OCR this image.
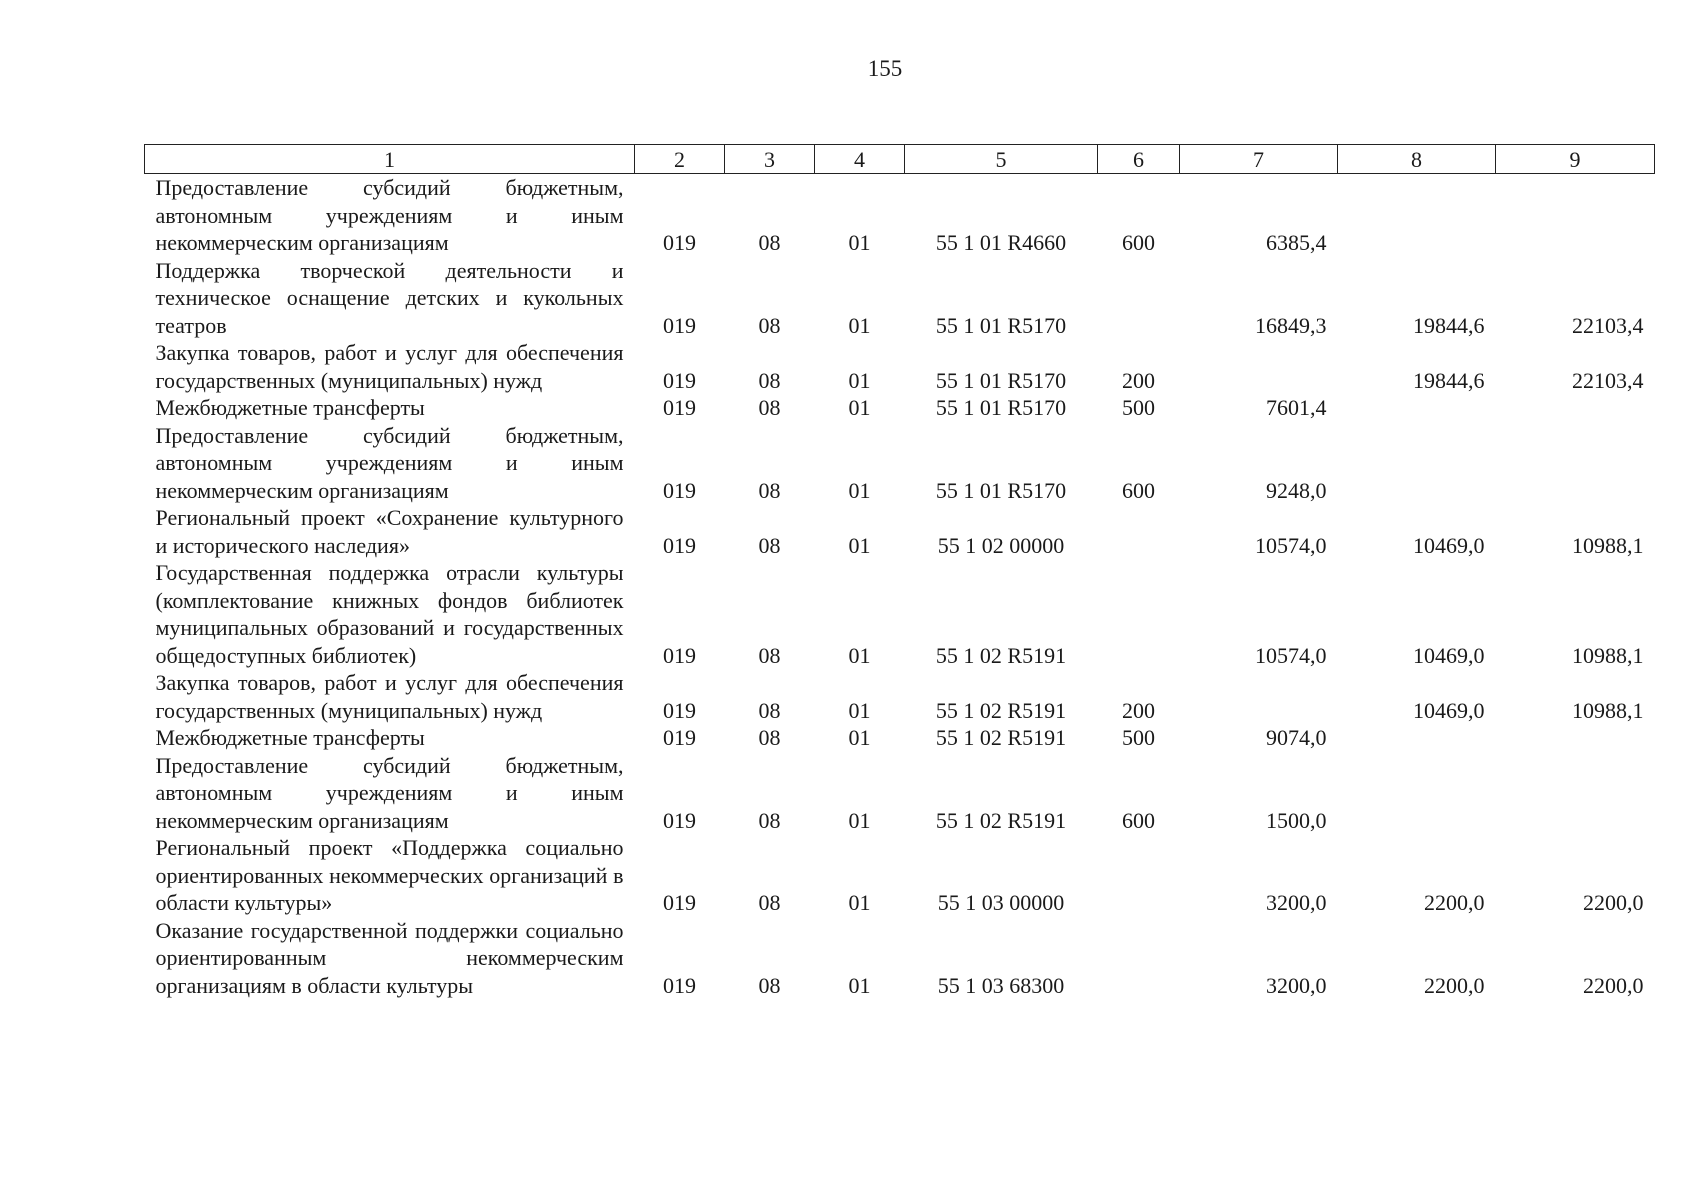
155
1	2	3	4	5	6	7	8	9
Предоставление субсидий бюджетным, автономным учреждениям и иным некоммерческим организациям	019	08	01	55 1 01 R4660	600	6385,4		
Поддержка творческой деятельности и техническое оснащение детских и кукольных театров	019	08	01	55 1 01 R5170		16849,3	19844,6	22103,4
Закупка товаров, работ и услуг для обеспечения государственных (муниципальных) нужд	019	08	01	55 1 01 R5170	200		19844,6	22103,4
Межбюджетные трансферты	019	08	01	55 1 01 R5170	500	7601,4		
Предоставление субсидий бюджетным, автономным учреждениям и иным некоммерческим организациям	019	08	01	55 1 01 R5170	600	9248,0		
Региональный проект «Сохранение культурного и исторического наследия»	019	08	01	55 1 02 00000		10574,0	10469,0	10988,1
Государственная поддержка отрасли культуры (комплектование книжных фондов библиотек муниципальных образований и государственных общедоступных библиотек)	019	08	01	55 1 02 R5191		10574,0	10469,0	10988,1
Закупка товаров, работ и услуг для обеспечения государственных (муниципальных) нужд	019	08	01	55 1 02 R5191	200		10469,0	10988,1
Межбюджетные трансферты	019	08	01	55 1 02 R5191	500	9074,0		
Предоставление субсидий бюджетным, автономным учреждениям и иным некоммерческим организациям	019	08	01	55 1 02 R5191	600	1500,0		
Региональный проект «Поддержка социально ориентированных некоммерческих организаций в области культуры»	019	08	01	55 1 03 00000		3200,0	2200,0	2200,0
Оказание государственной поддержки социально ориентированным некоммерческим организациям в области культуры	019	08	01	55 1 03 68300		3200,0	2200,0	2200,0
